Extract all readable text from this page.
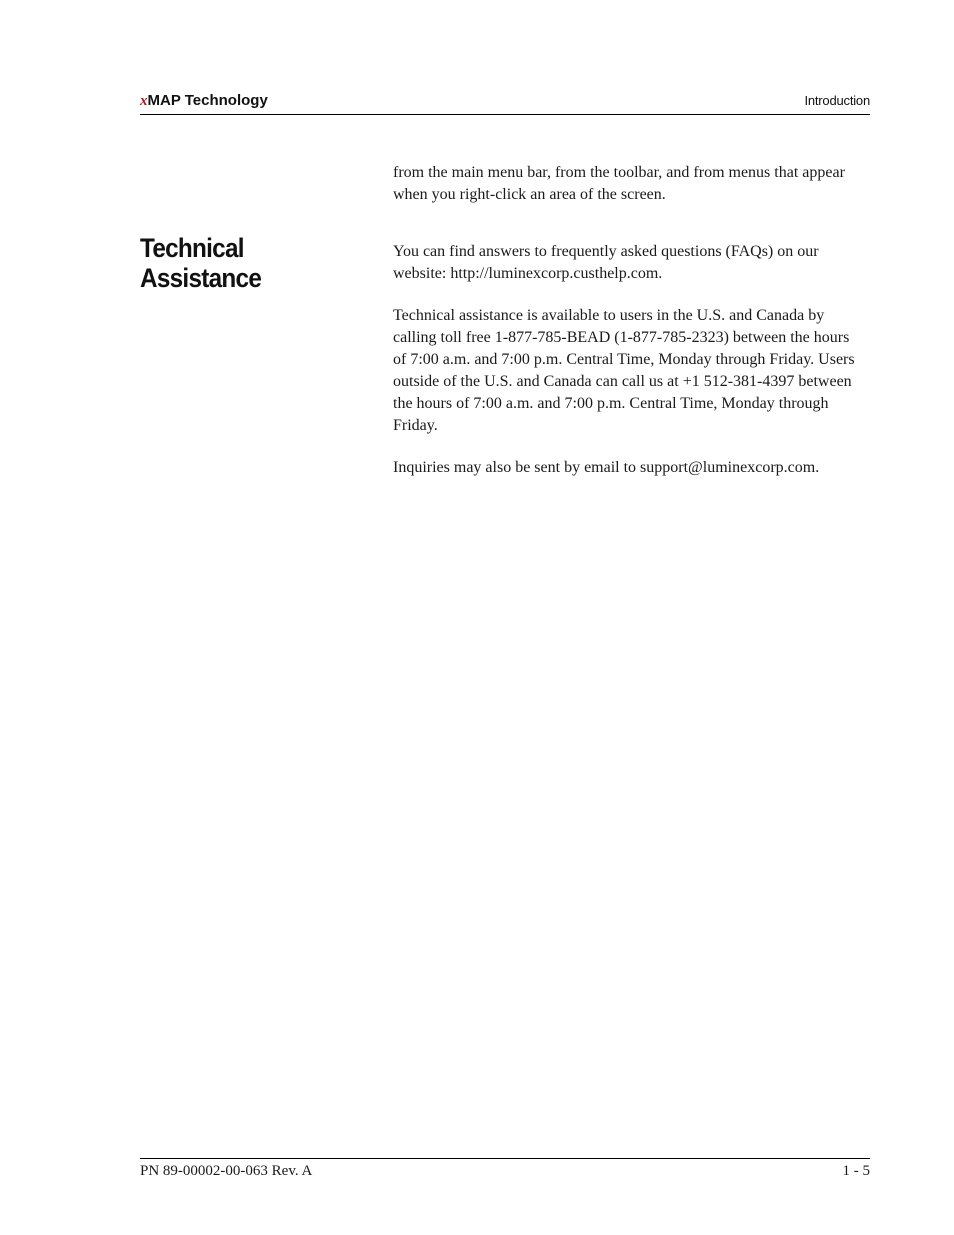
xMAP Technology	Introduction

from the main menu bar, from the toolbar, and from menus that appear when you right-click an area of the screen.

Technical
Assistance

You can find answers to frequently asked questions (FAQs) on our website: http://luminexcorp.custhelp.com.

Technical assistance is available to users in the U.S. and Canada by calling toll free 1-877-785-BEAD (1-877-785-2323) between the hours of 7:00 a.m. and 7:00 p.m. Central Time, Monday through Friday. Users outside of the U.S. and Canada can call us at +1 512-381-4397 between the hours of 7:00 a.m. and 7:00 p.m. Central Time, Monday through Friday.

Inquiries may also be sent by email to support@luminexcorp.com.

PN 89-00002-00-063 Rev. A	1 - 5
